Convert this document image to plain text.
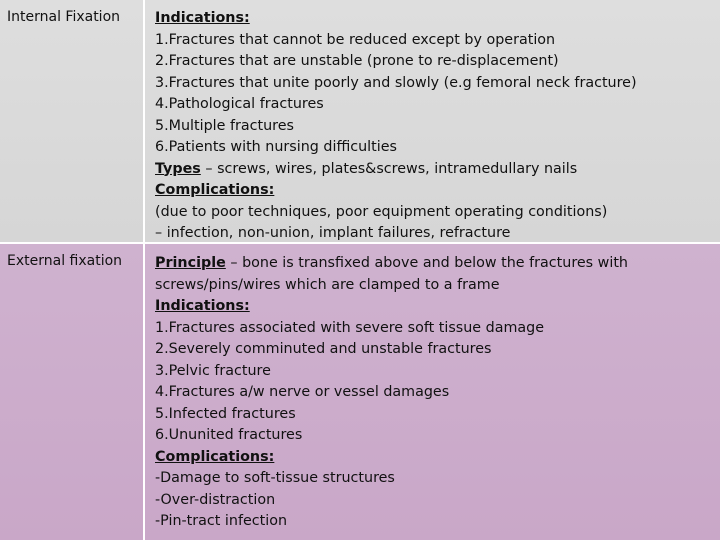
Internal Fixation Indications:
1.Fractures that cannot be reduced except by operation
2.Fractures that are unstable (prone to re-displacement)
3.Fractures that unite poorly and slowly (e.g femoral neck fracture)
4.Pathological fractures
5.Multiple fractures
6.Patients with nursing difficulties
Types – screws, wires, plates&screws, intramedullary nails
Complications:
(due to poor techniques, poor equipment operating conditions)
– infection, non-union, implant failures, refracture
External fixation Principle – bone is transfixed above and below the fractures with
screws/pins/wires which are clamped to a frame
Indications:
1.Fractures associated with severe soft tissue damage
2.Severely comminuted and unstable fractures
3.Pelvic fracture
4.Fractures a/w nerve or vessel damages
5.Infected fractures
6.Ununited fractures
Complications:
-Damage to soft-tissue structures
-Over-distraction
-Pin-tract infection
